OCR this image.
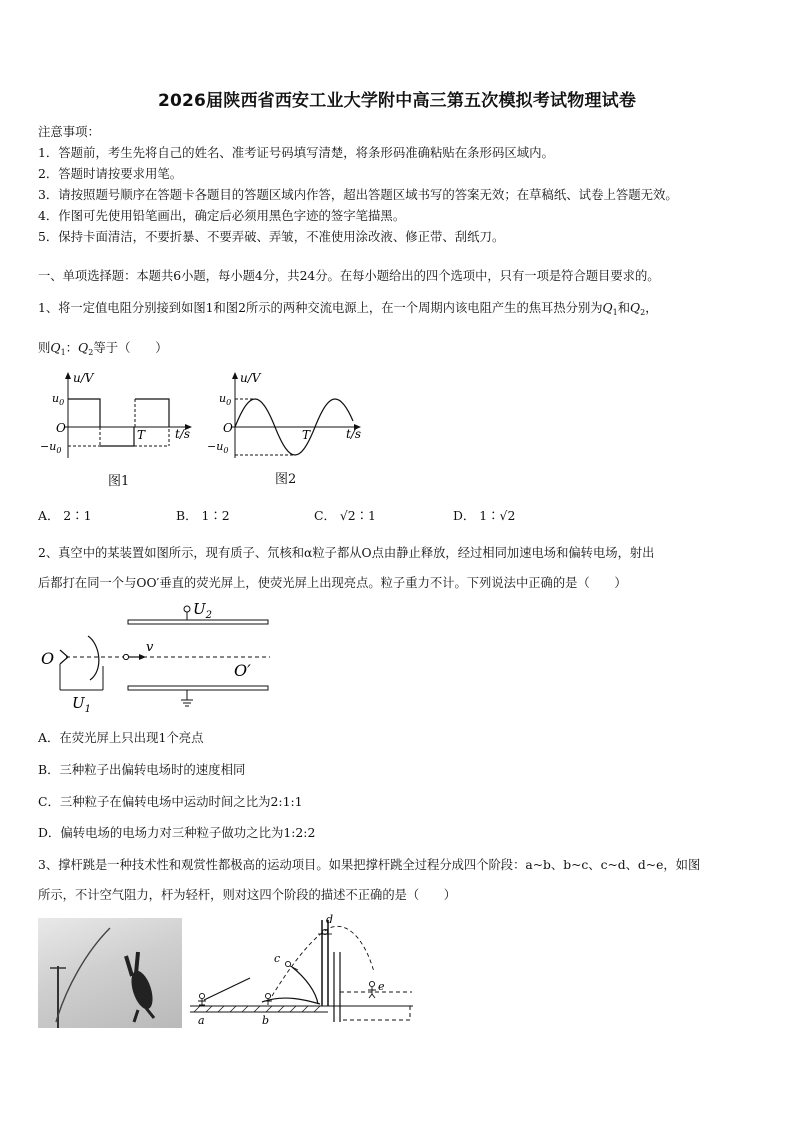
2026届陕西省西安工业大学附中高三第五次模拟考试物理试卷
注意事项：
1．答题前，考生先将自己的姓名、准考证号码填写清楚，将条形码准确粘贴在条形码区域内。
2．答题时请按要求用笔。
3．请按照题号顺序在答题卡各题目的答题区域内作答，超出答题区域书写的答案无效；在草稿纸、试卷上答题无效。
4．作图可先使用铅笔画出，确定后必须用黑色字迹的签字笔描黑。
5．保持卡面清洁，不要折暴、不要弄破、弄皱，不准使用涂改液、修正带、刮纸刀。
一、单项选择题：本题共6小题，每小题4分，共24分。在每小题给出的四个选项中，只有一项是符合题目要求的。
1、将一定值电阻分别接到如图1和图2所示的两种交流电源上，在一个周期内该电阻产生的焦耳热分别为$Q_1$和$Q_2$，
则$Q_1$：$Q_2$等于（　　）
u/V
$u_0$
O
$-u_0$
T t/s
图1
u/V
$u_0$
O
$-u_0$
T	t/s
图2
A． 2∶1	B． 1∶2	C． √2∶1	D． 1∶√2
2、真空中的某装置如图所示，现有质子、氘核和α粒子都从O点由静止释放，经过相同加速电场和偏转电场，射出
后都打在同一个与OO′垂直的荧光屏上，使荧光屏上出现亮点。粒子重力不计。下列说法中正确的是（　　）
$U_2$
v
$U_1$
O
O′
A．在荧光屏上只出现1个亮点
B．三种粒子出偏转电场时的速度相同
C．三种粒子在偏转电场中运动时间之比为2:1:1
D．偏转电场的电场力对三种粒子做功之比为1:2:2
3、撑杆跳是一种技术性和观赏性都极高的运动项目。如果把撑杆跳全过程分成四个阶段：a~b、b~c、c~d、d~e，如图
所示，不计空气阻力，杆为轻杆，则对这四个阶段的描述不正确的是（　　）
a	b
c
d
e
